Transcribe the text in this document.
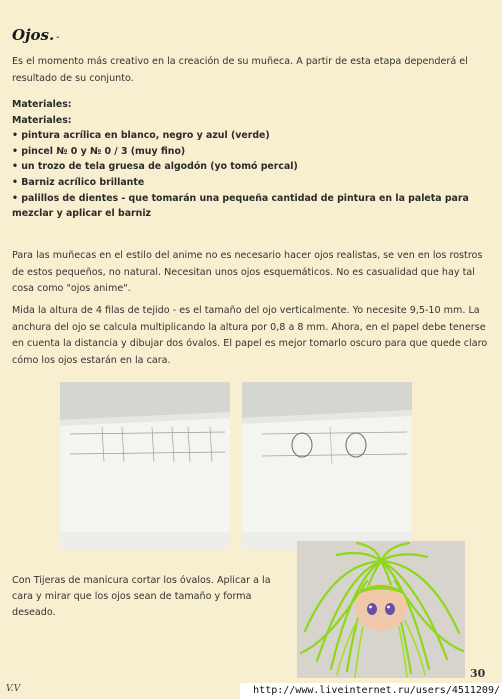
Ojos. -
Es el momento más creativo en la creación de su muñeca. A partir de esta etapa dependerá el resultado de su conjunto.
Materiales:
Materiales:
• pintura acrílica en blanco, negro y azul (verde)
• pincel № 0 y № 0 / 3 (muy fino)
• un trozo de tela gruesa de algodón (yo tomó percal)
• Barniz acrílico brillante
• palillos de dientes - que tomarán una pequeña cantidad de pintura en la paleta para mezclar y aplicar el barniz
Para las muñecas en el estilo del anime no es necesario hacer ojos realistas, se ven en los rostros de estos pequeños, no natural. Necesitan unos ojos esquemáticos. No es casualidad que hay tal cosa como "ojos anime".
Mida la altura de 4 filas de tejido - es el tamaño del ojo verticalmente. Yo necesite 9,5-10 mm. La anchura del ojo se calcula multiplicando la altura por 0,8 a 8 mm. Ahora, en el papel debe tenerse en cuenta la distancia y dibujar dos óvalos. El papel es mejor tomarlo oscuro para que quede claro cómo los ojos estarán en la cara.
Con Tijeras de manicura cortar los óvalos. Aplicar a la cara y mirar que los ojos sean de tamaño y forma deseado.
30
V.V	http://www.liveinternet.ru/users/4511209/
